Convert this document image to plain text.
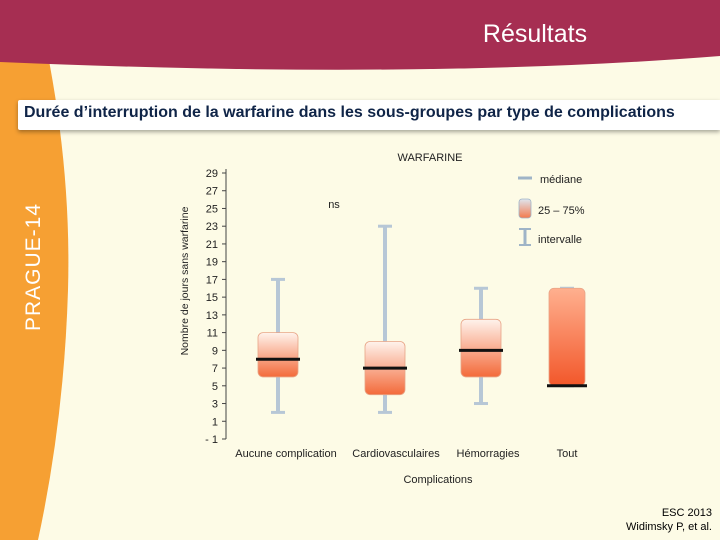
29
27
25
23
21
19
17
15
13
11
9
7
5
3
1
- 1
Nombre de jours sans warfarine
WARFARINE
ns
Aucune complication Cardiovasculaires Hémorragies	Tout
Complications
médiane
25 – 75%
intervalle
Résultats
PRAGUE-14
Durée d’interruption de la warfarine dans les sous-groupes par type de complications
ESC 2013
Widimsky P, et al.
